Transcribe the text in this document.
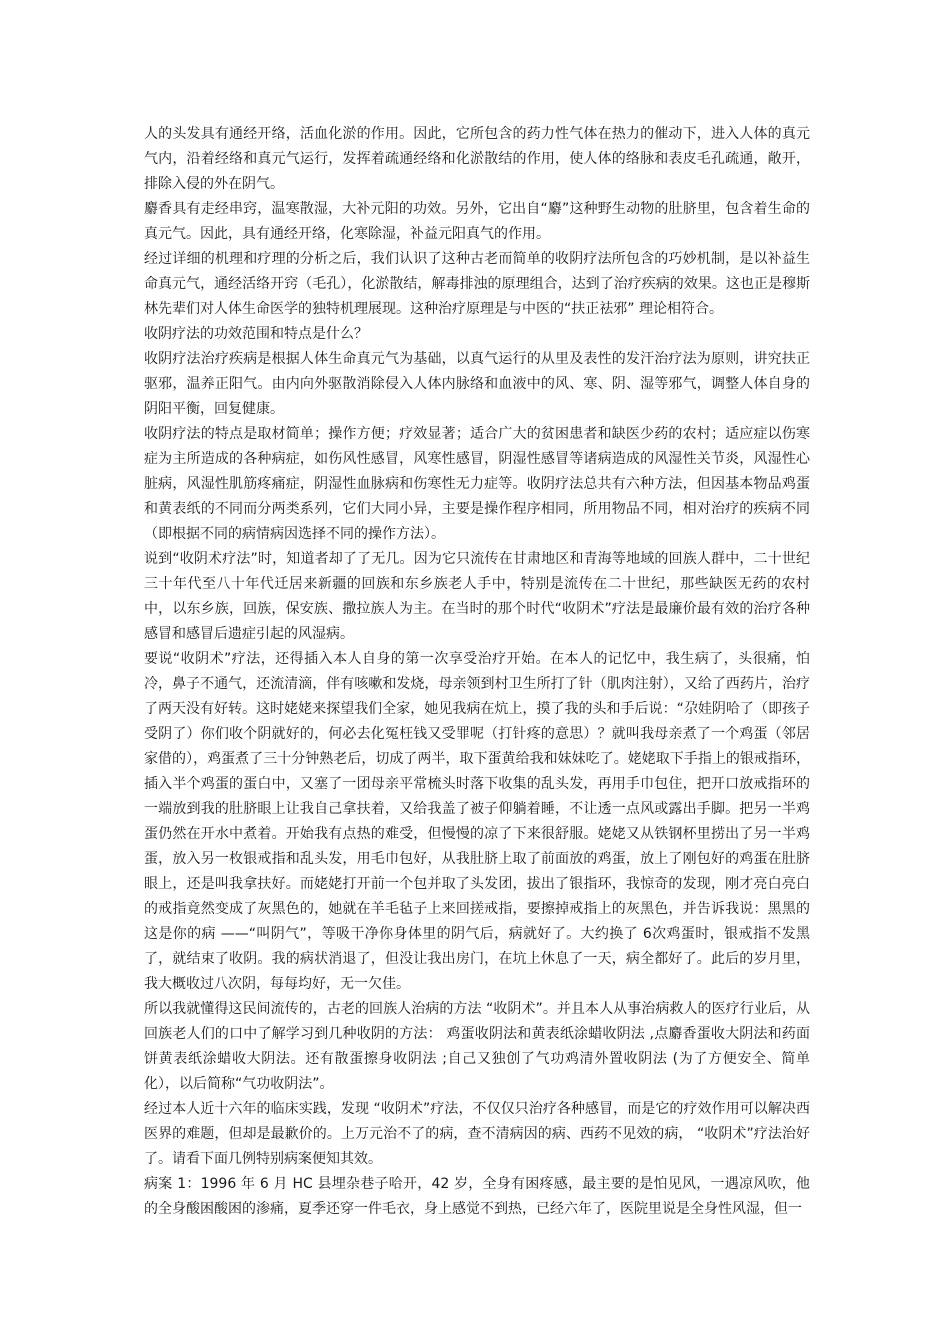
人的头发具有通经开络，活血化淤的作用。因此，它所包含的药力性气体在热力的催动下，进入人体的真元气内，沿着经络和真元气运行，发挥着疏通经络和化淤散结的作用，使人体的络脉和表皮毛孔疏通，敞开，排除入侵的外在阴气。

麝香具有走经串窍，温寒散湿，大补元阳的功效。另外，它出自“麝”这种野生动物的肚脐里，包含着生命的真元气。因此，具有通经开络，化寒除湿，补益元阳真气的作用。

经过详细的机理和疗理的分析之后，我们认识了这种古老而简单的收阴疗法所包含的巧妙机制，是以补益生命真元气，通经活络开窍（毛孔），化淤散结，解毒排浊的原理组合，达到了治疗疾病的效果。这也正是穆斯林先辈们对人体生命医学的独特机理展现。这种治疗原理是与中医的“扶正祛邪” 理论相符合。

收阴疗法的功效范围和特点是什么？

收阴疗法治疗疾病是根据人体生命真元气为基础，以真气运行的从里及表性的发汗治疗法为原则，讲究扶正驱邪，温养正阳气。由内向外驱散消除侵入人体内脉络和血液中的风、寒、阴、湿等邪气，调整人体自身的阴阳平衡，回复健康。

收阴疗法的特点是取材简单；操作方便；疗效显著；适合广大的贫困患者和缺医少药的农村；适应症以伤寒症为主所造成的各种病症，如伤风性感冒，风寒性感冒，阴湿性感冒等诸病造成的风湿性关节炎，风湿性心脏病，风湿性肌筋疼痛症，阴湿性血脉病和伤寒性无力症等。收阴疗法总共有六种方法，但因基本物品鸡蛋和黄表纸的不同而分两类系列，它们大同小异，主要是操作程序相同，所用物品不同，相对治疗的疾病不同（即根据不同的病情病因选择不同的操作方法）。

说到“收阴术疗法”时，知道者却了了无几。因为它只流传在甘肃地区和青海等地域的回族人群中，二十世纪三十年代至八十年代迁居来新疆的回族和东乡族老人手中，特别是流传在二十世纪，那些缺医无药的农村中，以东乡族，回族，保安族、撒拉族人为主。在当时的那个时代“收阴术”疗法是最廉价最有效的治疗各种感冒和感冒后遗症引起的风湿病。

要说“收阴术”疗法，还得插入本人自身的第一次享受治疗开始。在本人的记忆中，我生病了，头很痛，怕冷，鼻子不通气，还流清滴，伴有咳嗽和发烧，母亲领到村卫生所打了针（肌肉注射），又给了西药片，治疗了两天没有好转。这时姥姥来探望我们全家，她见我病在炕上，摸了我的头和手后说：“尕娃阴哈了（即孩子受阴了）你们收个阴就好的，何必去化冤枉钱又受罪呢（打针疼的意思）？就叫我母亲煮了一个鸡蛋（邻居家借的），鸡蛋煮了三十分钟熟老后，切成了两半，取下蛋黄给我和妹妹吃了。姥姥取下手指上的银戒指环，插入半个鸡蛋的蛋白中，又塞了一团母亲平常梳头时落下收集的乱头发，再用手巾包住，把开口放戒指环的一端放到我的肚脐眼上让我自己拿扶着，又给我盖了被子仰躺着睡，不让透一点风或露出手脚。把另一半鸡蛋仍然在开水中煮着。开始我有点热的难受，但慢慢的凉了下来很舒服。姥姥又从铁钢杯里捞出了另一半鸡蛋，放入另一枚银戒指和乱头发，用毛巾包好，从我肚脐上取了前面放的鸡蛋，放上了刚包好的鸡蛋在肚脐眼上，还是叫我拿扶好。而姥姥打开前一个包并取了头发团，拔出了银指环，我惊奇的发现，刚才亮白亮白的戒指竟然变成了灰黑色的，她就在羊毛毡子上来回搓戒指，要擦掉戒指上的灰黑色，并告诉我说：黑黑的这是你的病 ——“叫阴气”，等吸干净你身体里的阴气后，病就好了。大约换了 6次鸡蛋时，银戒指不发黑了，就结束了收阴。我的病状消退了，但没让我出房门，在坑上休息了一天，病全都好了。此后的岁月里，我大概收过八次阴，每每均好，无一欠佳。

所以我就懂得这民间流传的，古老的回族人治病的方法 “收阴术”。并且本人从事治病救人的医疗行业后，从回族老人们的口中了解学习到几种收阴的方法： 鸡蛋收阴法和黄表纸涂蜡收阴法 ,点麝香蛋收大阴法和药面饼黄表纸涂蜡收大阴法。还有散蛋擦身收阴法 ;自己又独创了气功鸡清外置收阴法 (为了方便安全、简单化），以后简称“气功收阴法”。

经过本人近十六年的临床实践，发现 “收阴术”疗法，不仅仅只治疗各种感冒，而是它的疗效作用可以解决西医界的难题，但却是最歉价的。上万元治不了的病，查不清病因的病、西药不见效的病， “收阴术”疗法治好了。请看下面几例特别病案便知其效。

病案 1：1996 年 6 月 HC 县埋杂巷子哈开，42 岁，全身有困疼感，最主要的是怕见风，一遇凉风吹，他的全身酸困酸困的渗痛，夏季还穿一件毛衣，身上感觉不到热，已经六年了，医院里说是全身性风湿，但一
